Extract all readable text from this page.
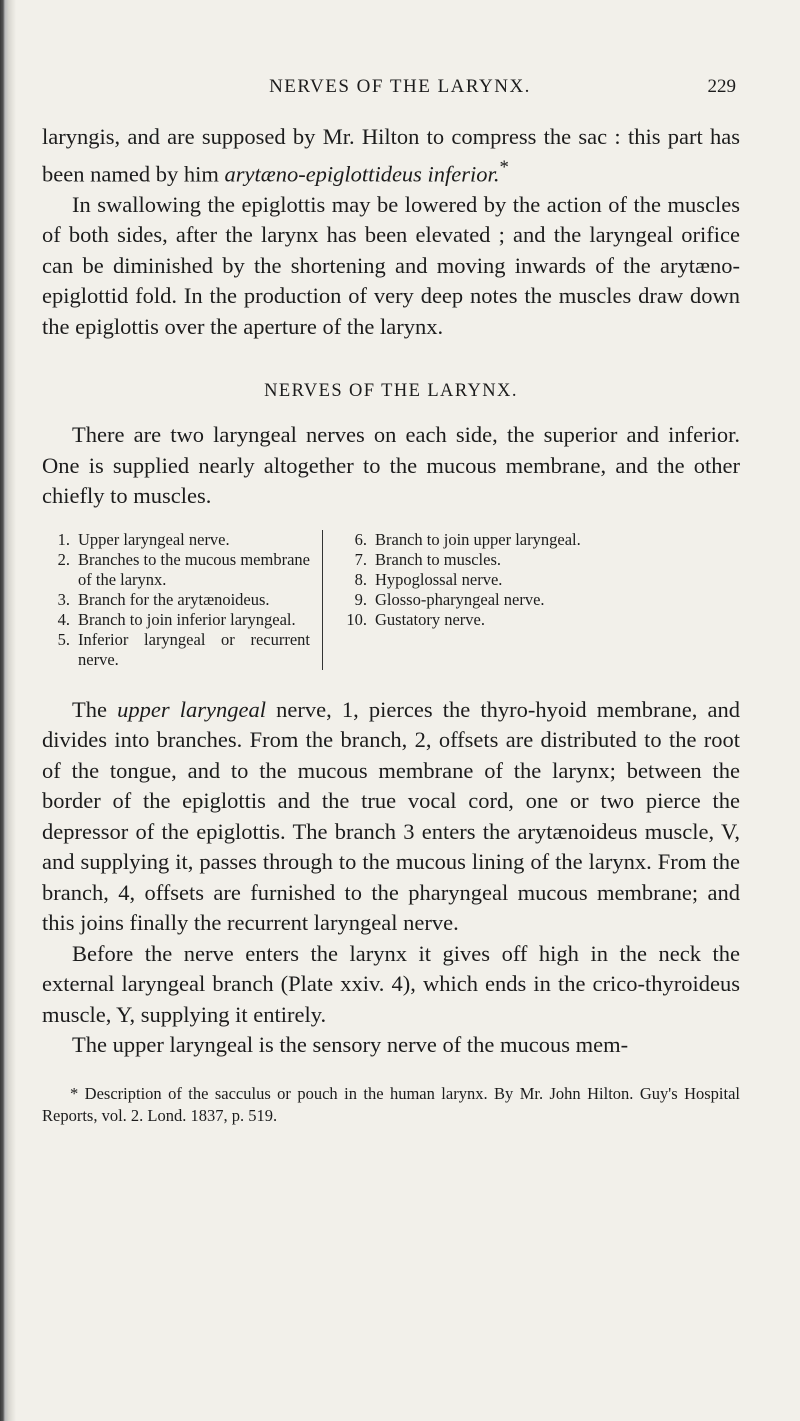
NERVES OF THE LARYNX.	229

laryngis, and are supposed by Mr. Hilton to compress the sac : this part has been named by him arytæno-epiglottideus inferior.*

In swallowing the epiglottis may be lowered by the action of the muscles of both sides, after the larynx has been elevated ; and the laryngeal orifice can be diminished by the shortening and moving inwards of the arytæno-epiglottid fold. In the production of very deep notes the muscles draw down the epiglottis over the aperture of the larynx.

NERVES OF THE LARYNX.

There are two laryngeal nerves on each side, the superior and inferior. One is supplied nearly altogether to the mucous membrane, and the other chiefly to muscles.

1. Upper laryngeal nerve.
2. Branches to the mucous membrane of the larynx.
3. Branch for the arytænoideus.
4. Branch to join inferior laryngeal.
5. Inferior laryngeal or recurrent nerve.
6. Branch to join upper laryngeal.
7. Branch to muscles.
8. Hypoglossal nerve.
9. Glosso-pharyngeal nerve.
10. Gustatory nerve.

The upper laryngeal nerve, 1, pierces the thyro-hyoid membrane, and divides into branches. From the branch, 2, offsets are distributed to the root of the tongue, and to the mucous membrane of the larynx; between the border of the epiglottis and the true vocal cord, one or two pierce the depressor of the epiglottis. The branch 3 enters the arytænoideus muscle, V, and supplying it, passes through to the mucous lining of the larynx. From the branch, 4, offsets are furnished to the pharyngeal mucous membrane; and this joins finally the recurrent laryngeal nerve.

Before the nerve enters the larynx it gives off high in the neck the external laryngeal branch (Plate xxiv. 4), which ends in the crico-thyroideus muscle, Y, supplying it entirely.

The upper laryngeal is the sensory nerve of the mucous mem-

* Description of the sacculus or pouch in the human larynx. By Mr. John Hilton. Guy's Hospital Reports, vol. 2. Lond. 1837, p. 519.
